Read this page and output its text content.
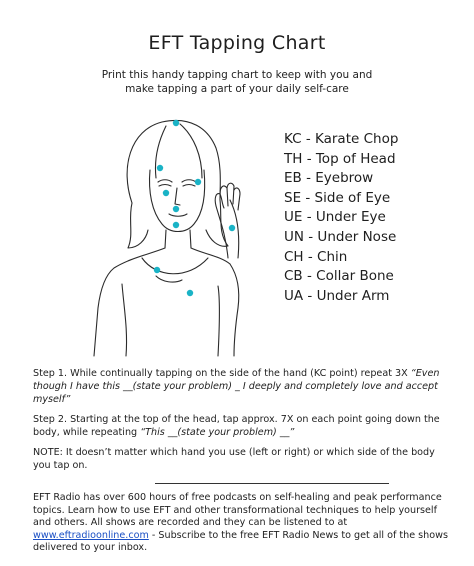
EFT Tapping Chart
Print this handy tapping chart to keep with you and
make tapping a part of your daily self-care
KC - Karate Chop
TH - Top of Head
EB - Eyebrow
SE - Side of Eye
UE - Under Eye
UN - Under Nose
CH - Chin
CB - Collar Bone
UA - Under Arm

Step 1. While continually tapping on the side of the hand (KC point) repeat 3X “Even though I have this __(state your problem) _ I deeply and completely love and accept myself”

Step 2. Starting at the top of the head, tap approx. 7X on each point going down the body, while repeating “This __(state your problem) __”

NOTE: It doesn’t matter which hand you use (left or right) or which side of the body you tap on.

EFT Radio has over 600 hours of free podcasts on self-healing and peak performance topics. Learn how to use EFT and other transformational techniques to help yourself and others. All shows are recorded and they can be listened to at www.eftradioonline.com - Subscribe to the free EFT Radio News to get all of the shows delivered to your inbox.
